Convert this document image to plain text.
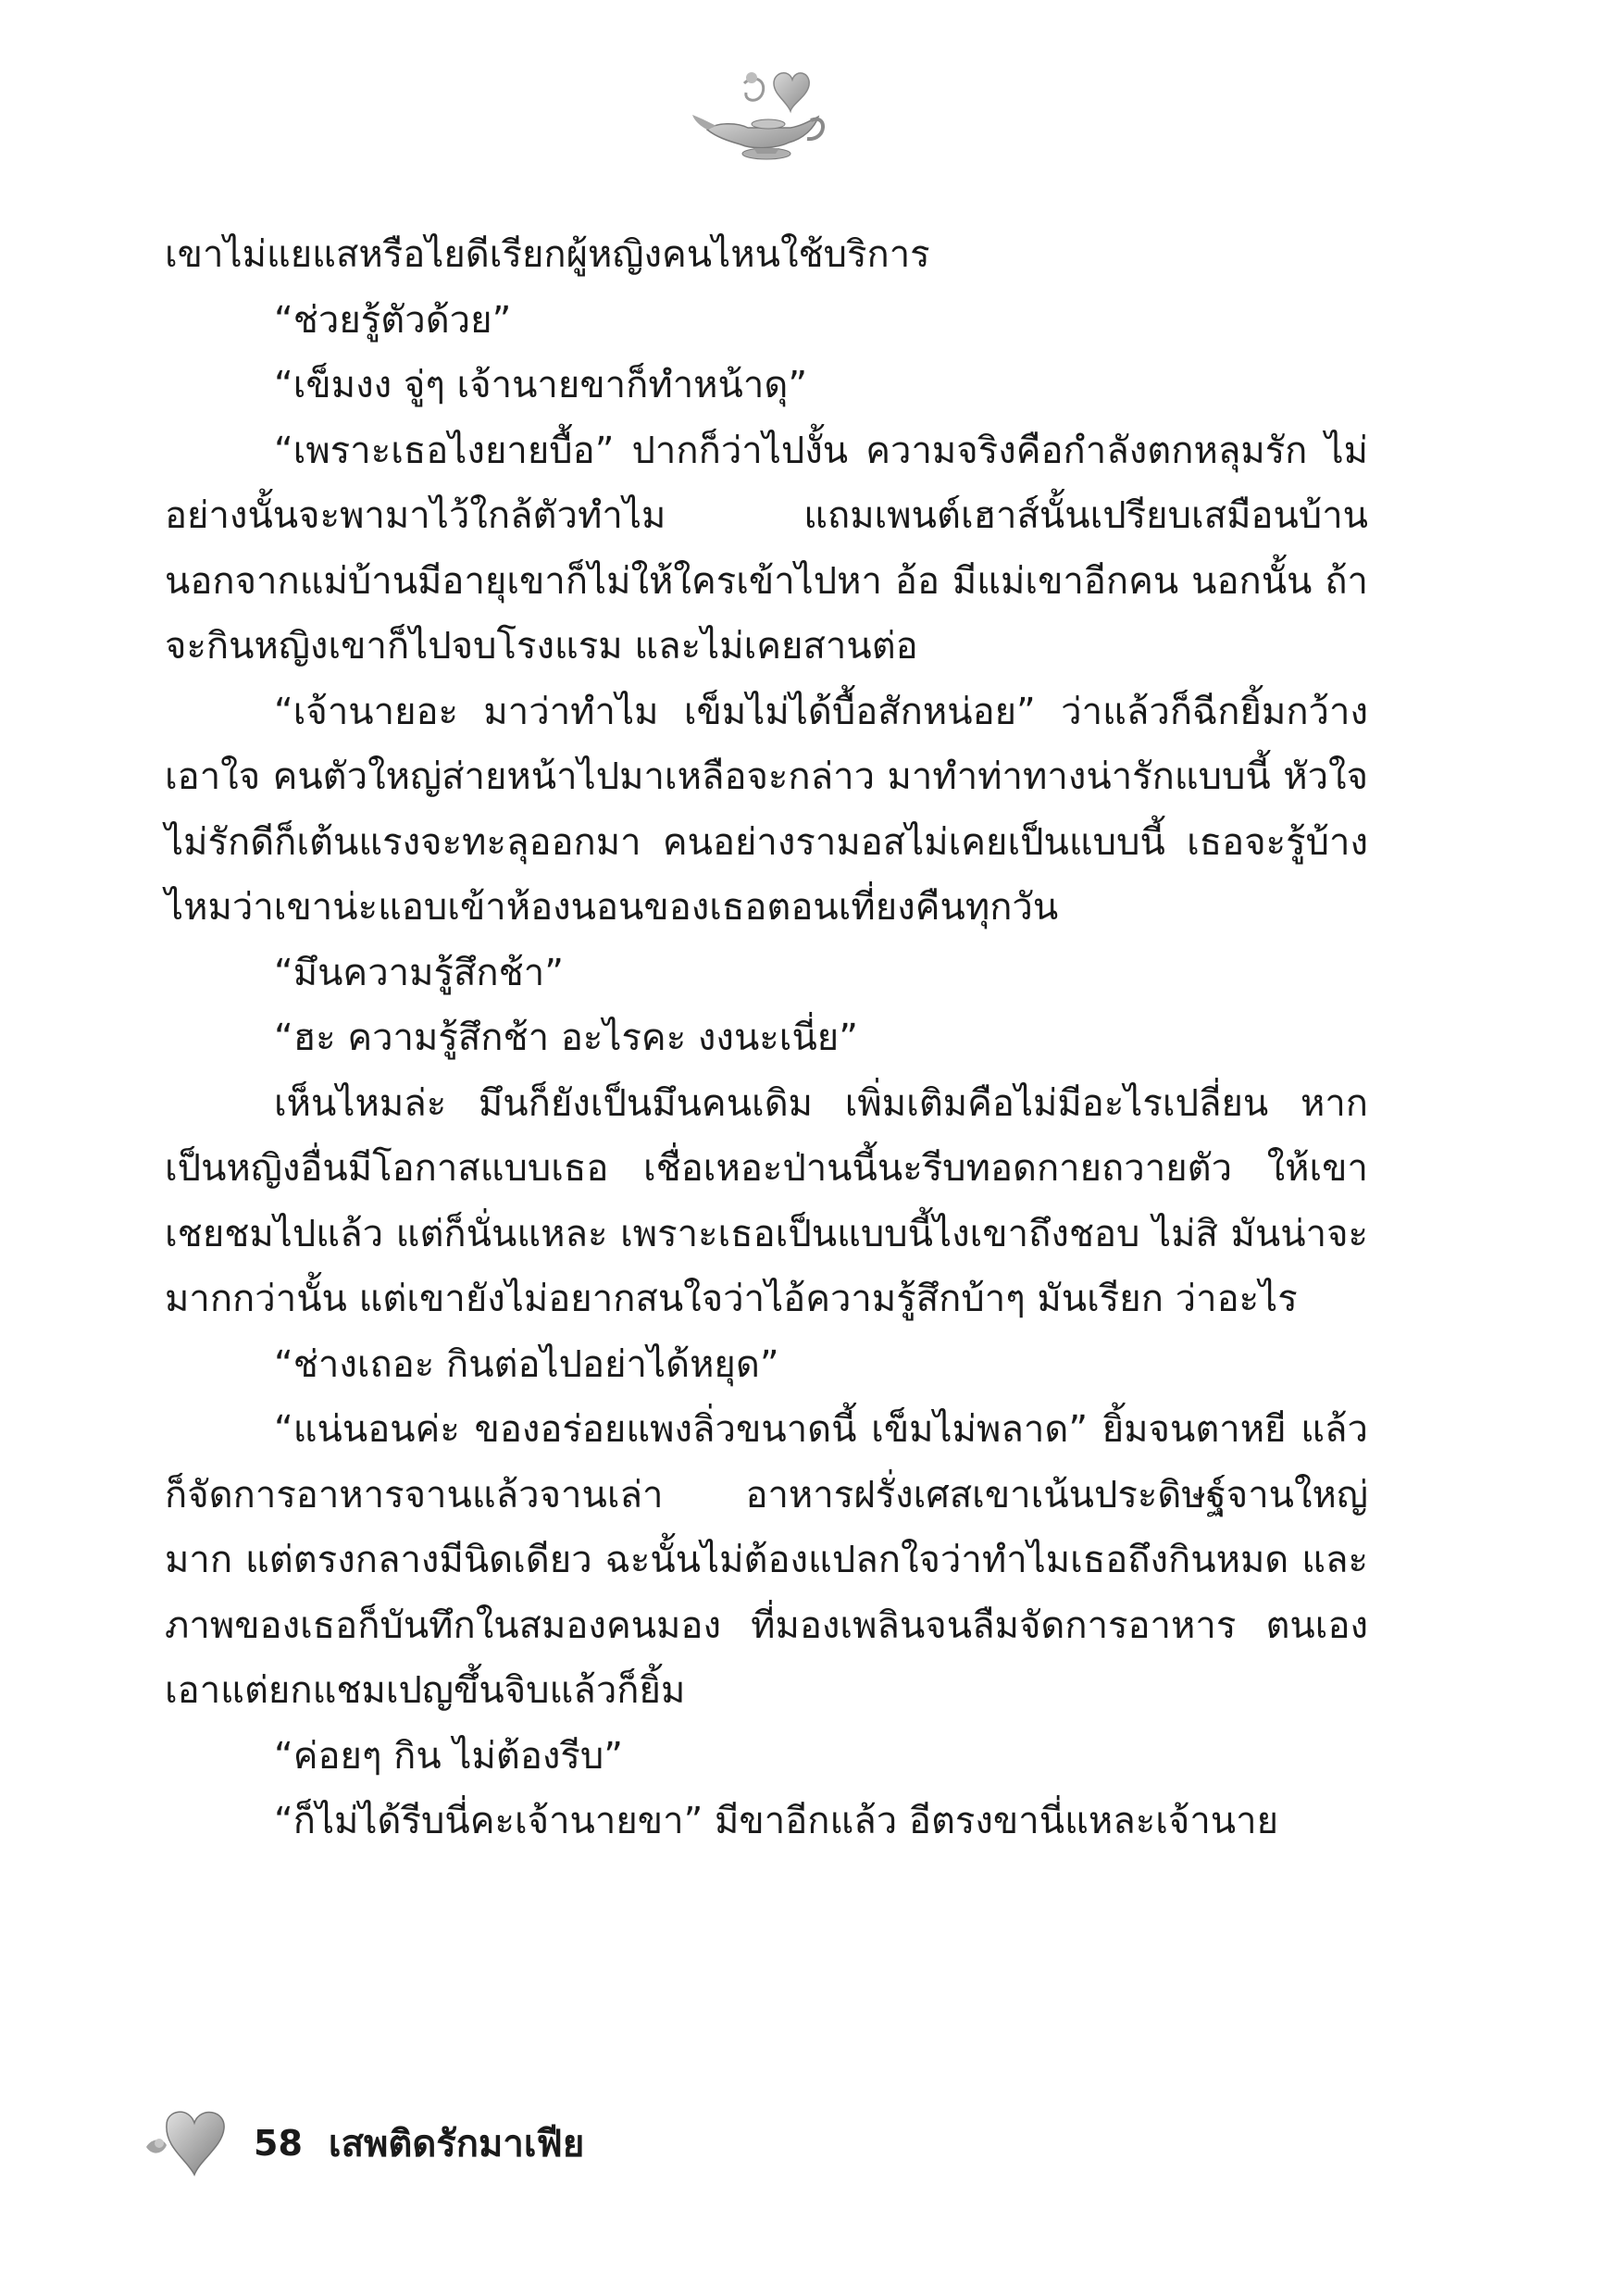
เขาไม่แยแสหรือไยดีเรียกผู้หญิงคนไหนใช้บริการ

“ช่วยรู้ตัวด้วย”

“เข็มงง จู่ๆ เจ้านายขาก็ทำหน้าดุ”

“เพราะเธอไงยายบื้อ” ปากก็ว่าไปงั้น ความจริงคือกำลังตกหลุมรัก ไม่อย่างนั้นจะพามาไว้ใกล้ตัวทำไม แถมเพนต์เฮาส์นั้นเปรียบเสมือนบ้าน นอกจากแม่บ้านมีอายุเขาก็ไม่ให้ใครเข้าไปหา อ้อ มีแม่เขาอีกคน นอกนั้น ถ้าจะกินหญิงเขาก็ไปจบโรงแรม และไม่เคยสานต่อ

“เจ้านายอะ มาว่าทำไม เข็มไม่ได้บื้อสักหน่อย” ว่าแล้วก็ฉีกยิ้มกว้าง เอาใจ คนตัวใหญ่ส่ายหน้าไปมาเหลือจะกล่าว มาทำท่าทางน่ารักแบบนี้ หัวใจไม่รักดีก็เต้นแรงจะทะลุออกมา คนอย่างรามอสไม่เคยเป็นแบบนี้ เธอจะรู้บ้างไหมว่าเขาน่ะแอบเข้าห้องนอนของเธอตอนเที่ยงคืนทุกวัน

“มึนความรู้สึกช้า”

“ฮะ ความรู้สึกช้า อะไรคะ งงนะเนี่ย”

เห็นไหมล่ะ มึนก็ยังเป็นมึนคนเดิม เพิ่มเติมคือไม่มีอะไรเปลี่ยน หากเป็นหญิงอื่นมีโอกาสแบบเธอ เชื่อเหอะป่านนี้นะรีบทอดกายถวายตัว ให้เขาเชยชมไปแล้ว แต่ก็นั่นแหละ เพราะเธอเป็นแบบนี้ไงเขาถึงชอบ ไม่สิ มันน่าจะมากกว่านั้น แต่เขายังไม่อยากสนใจว่าไอ้ความรู้สึกบ้าๆ มันเรียก ว่าอะไร

“ช่างเถอะ กินต่อไปอย่าได้หยุด”

“แน่นอนค่ะ ของอร่อยแพงลิ่วขนาดนี้ เข็มไม่พลาด” ยิ้มจนตาหยี แล้วก็จัดการอาหารจานแล้วจานเล่า อาหารฝรั่งเศสเขาเน้นประดิษฐ์จานใหญ่ มาก แต่ตรงกลางมีนิดเดียว ฉะนั้นไม่ต้องแปลกใจว่าทำไมเธอถึงกินหมด และภาพของเธอก็บันทึกในสมองคนมอง ที่มองเพลินจนลืมจัดการอาหาร ตนเอง เอาแต่ยกแชมเปญขึ้นจิบแล้วก็ยิ้ม

“ค่อยๆ กิน ไม่ต้องรีบ”

“ก็ไม่ได้รีบนี่คะเจ้านายขา” มีขาอีกแล้ว อีตรงขานี่แหละเจ้านาย

58 เสพติดรักมาเฟีย
